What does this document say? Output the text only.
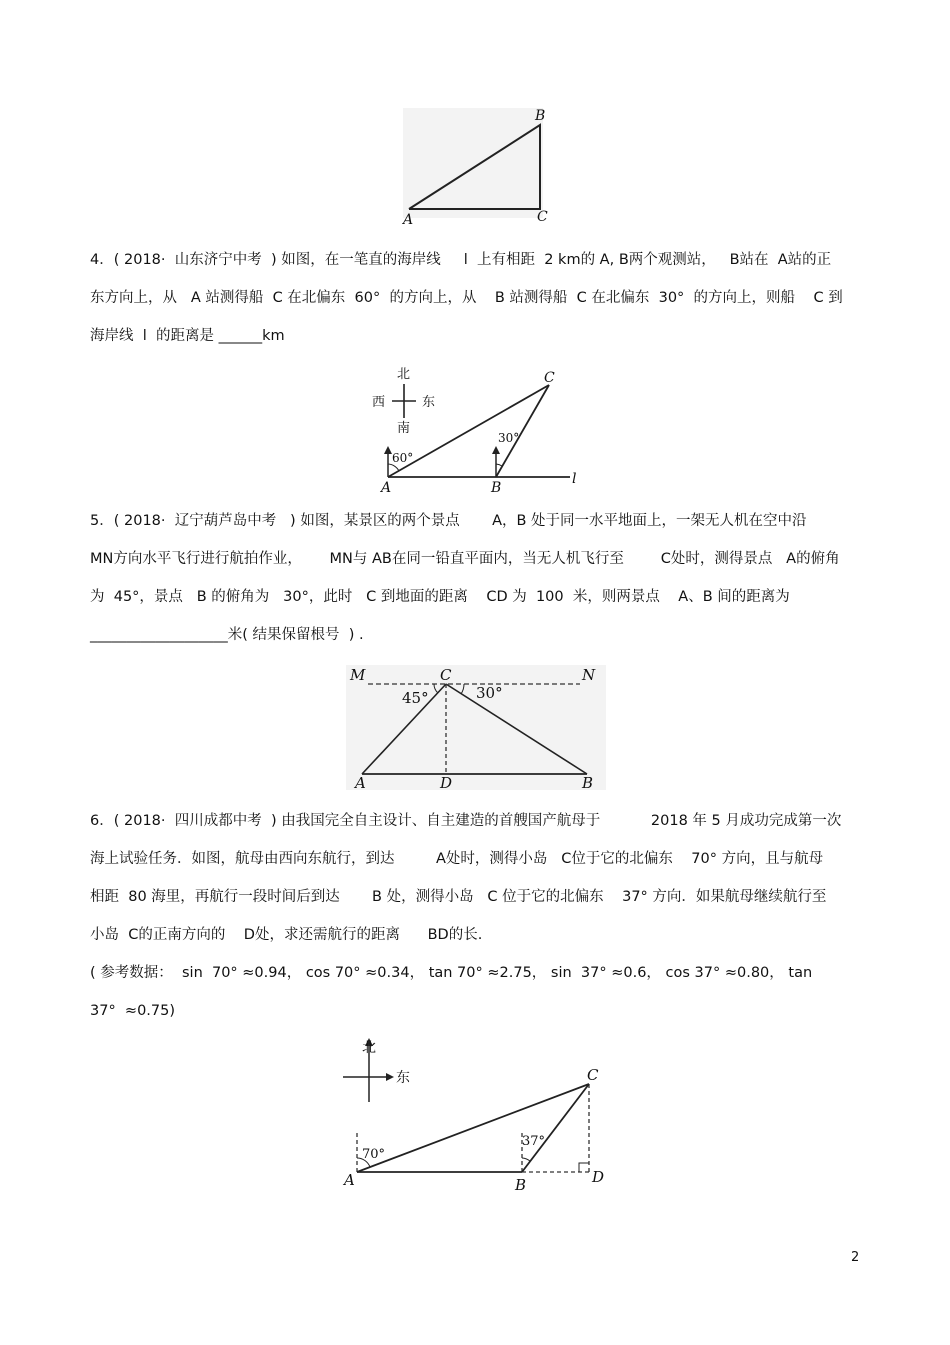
A
B
C
4．( 2018·  山东济宁中考  ) 如图，在一笔直的海岸线     l  上有相距  2 km的 A, B两个观测站，   B站在  A站的正
东方向上，从   A 站测得船  C 在北偏东  60°  的方向上，从    B 站测得船  C 在北偏东  30°  的方向上，则船    C 到
海岸线  l  的距离是 ______km
北
南
西	东
60°
30°
A	B
C
l
5．( 2018·  辽宁葫芦岛中考   ) 如图，某景区的两个景点       A，B 处于同一水平地面上，一架无人机在空中沿
MN方向水平飞行进行航拍作业，      MN与 AB在同一铅直平面内，当无人机飞行至        C处时，测得景点   A的俯角
为  45°，景点   B 的俯角为   30°，此时   C 到地面的距离    CD 为  100  米，则两景点    A、B 间的距离为
___________________米( 结果保留根号  ) .
M	C	N
45°	30°
A	D	B
6．( 2018·  四川成都中考  ) 由我国完全自主设计、自主建造的首艘国产航母于           2018 年 5 月成功完成第一次
海上试验任务．如图，航母由西向东航行，到达         A处时，测得小岛   C位于它的北偏东    70° 方向，且与航母
相距  80 海里，再航行一段时间后到达       B 处，测得小岛   C 位于它的北偏东    37° 方向．如果航母继续航行至
小岛  C的正南方向的    D处，求还需航行的距离      BD的长.
( 参考数据：  sin  70° ≈0.94， cos 70° ≈0.34， tan 70° ≈2.75， sin  37° ≈0.6， cos 37° ≈0.80， tan
37°  ≈0.75)
北
东
70°
37°
A	B
C
D
2
